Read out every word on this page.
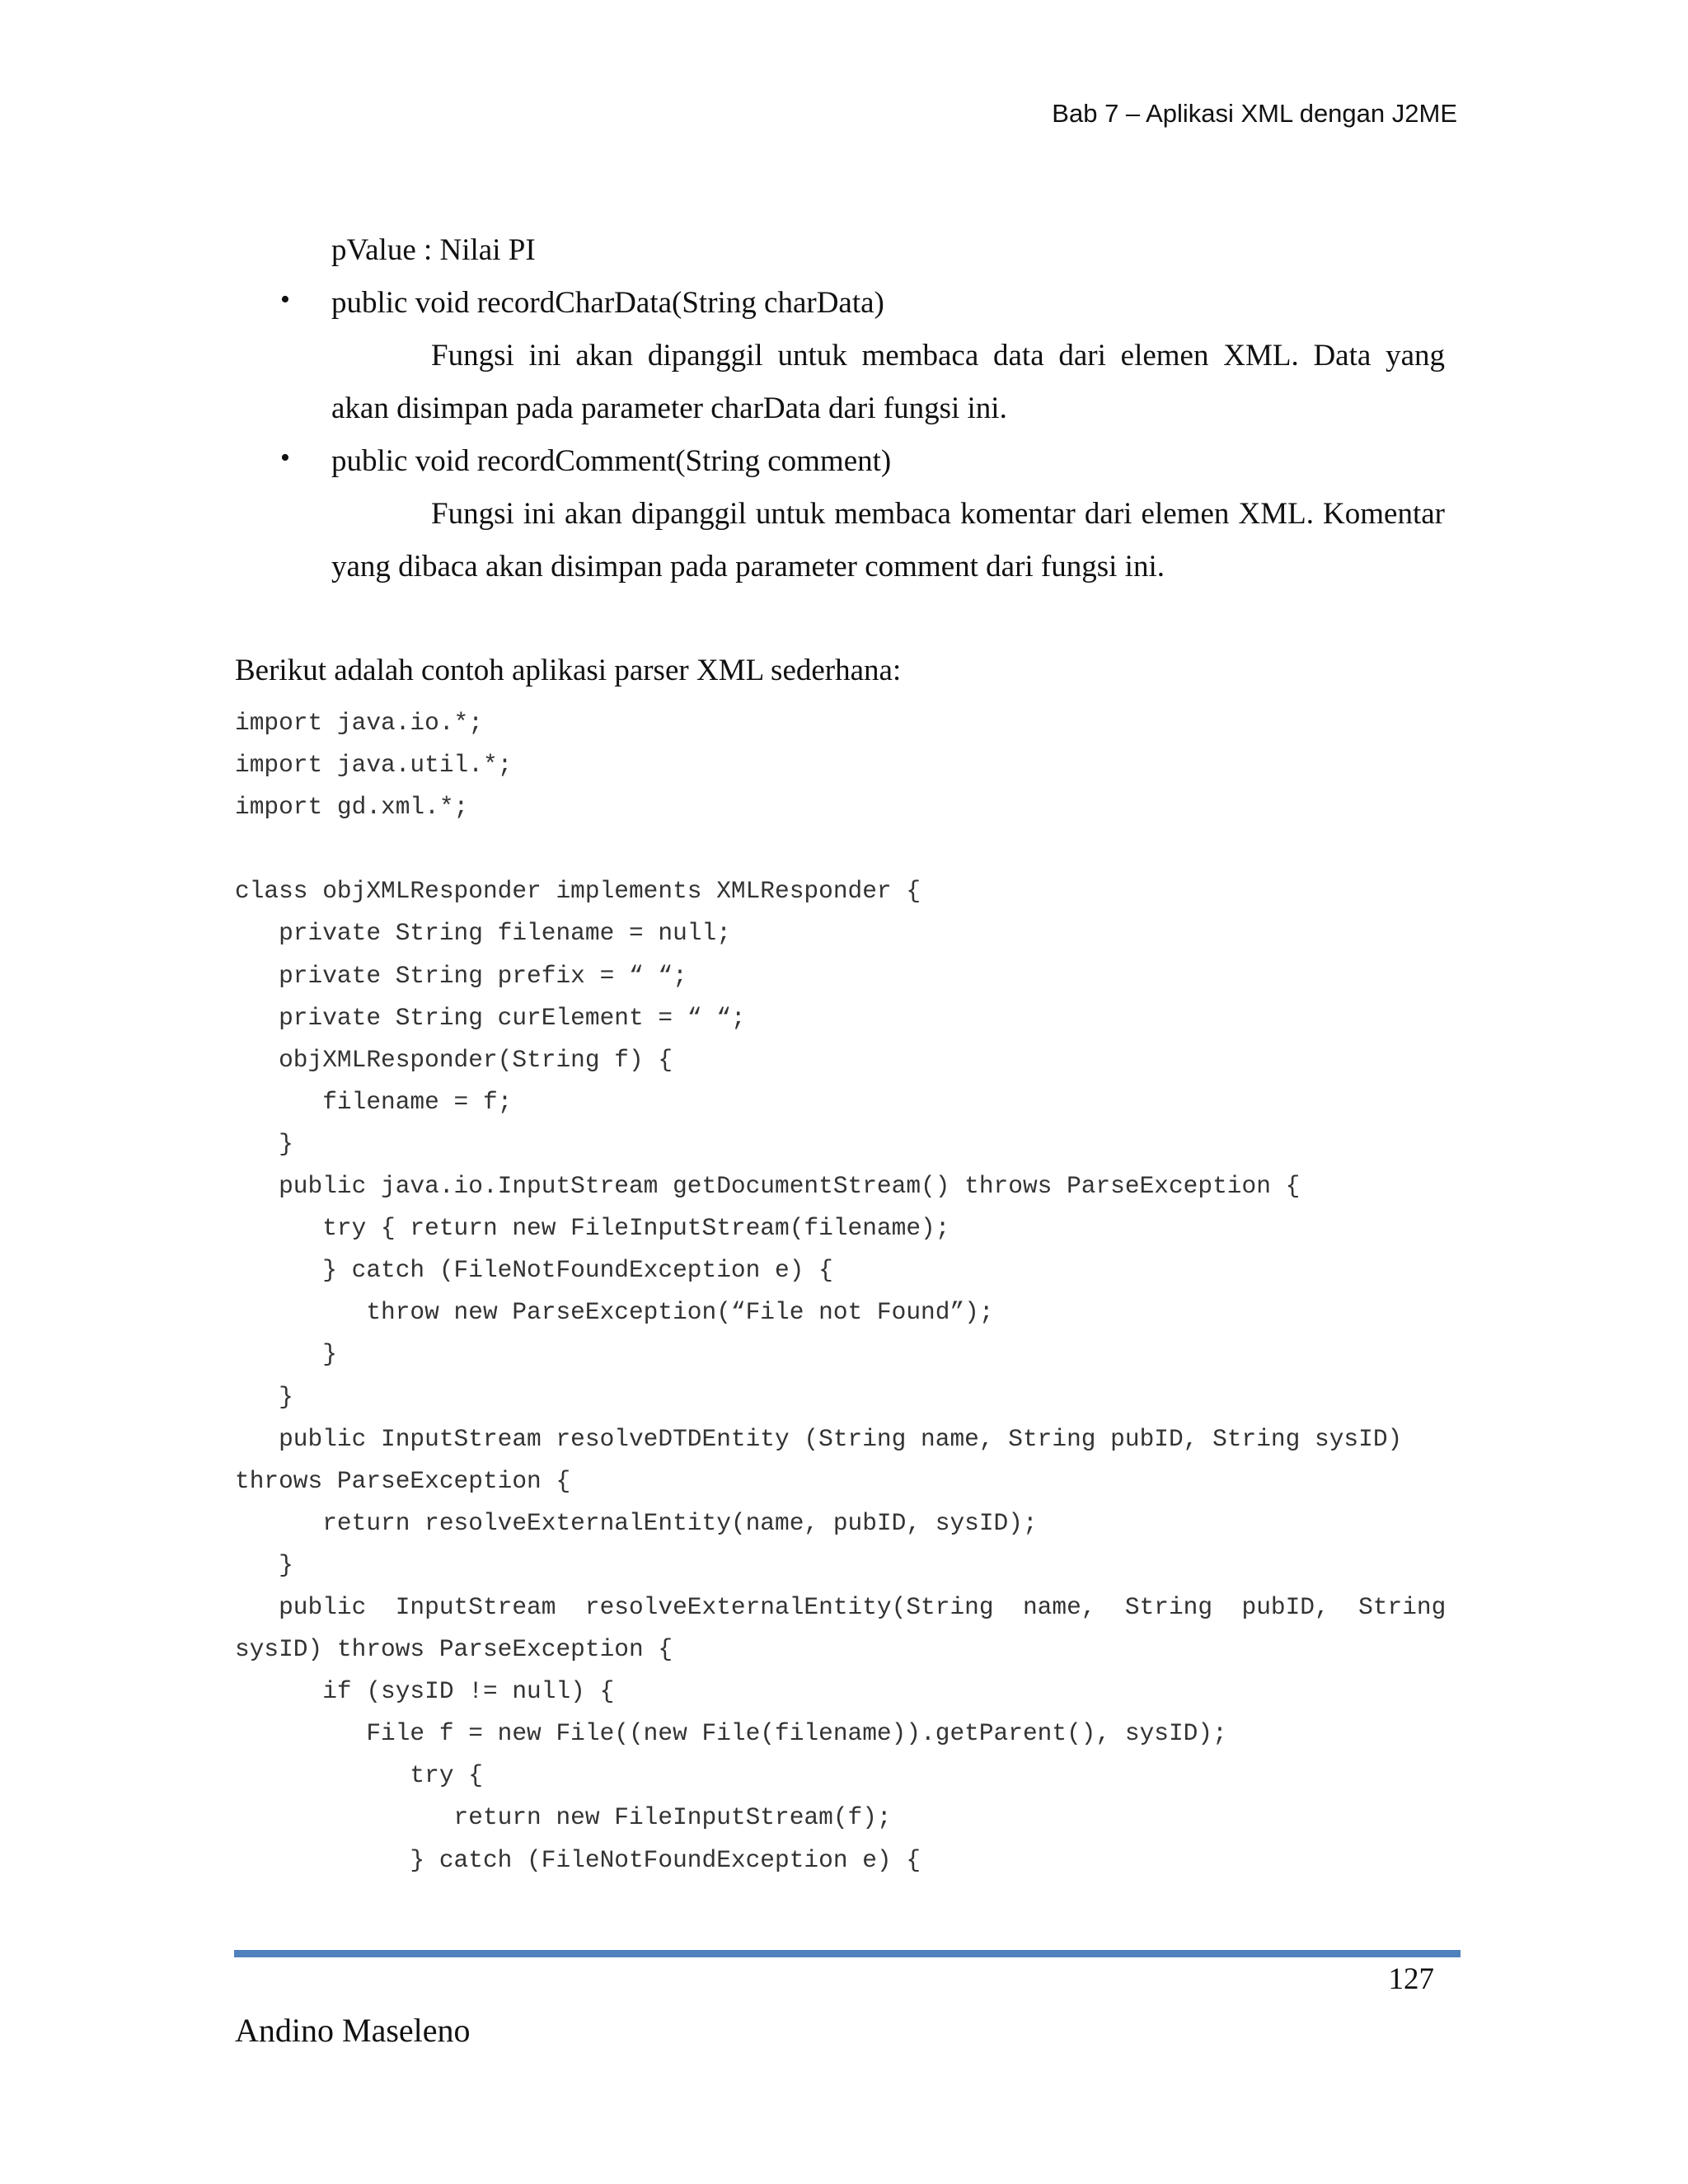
Bab 7 – Aplikasi XML dengan J2ME
pValue : Nilai PI
• public void recordCharData(String charData)
Fungsi ini akan dipanggil untuk membaca data dari elemen XML. Data yang
akan disimpan pada parameter charData dari fungsi ini.
• public void recordComment(String comment)
Fungsi ini akan dipanggil untuk membaca komentar dari elemen XML. Komentar
yang dibaca akan disimpan pada parameter comment dari fungsi ini.
Berikut adalah contoh aplikasi parser XML sederhana:
import java.io.*;
import java.util.*;
import gd.xml.*;
class objXMLResponder implements XMLResponder {
private String filename = null;
private String prefix = “ “;
private String curElement = “ “;
objXMLResponder(String f) {
filename = f;
}
public java.io.InputStream getDocumentStream() throws ParseException {
try { return new FileInputStream(filename);
} catch (FileNotFoundException e) {
throw new ParseException(“File not Found”);
}
}
public InputStream resolveDTDEntity (String name, String pubID, String sysID)
throws ParseException {
return resolveExternalEntity(name, pubID, sysID);
}
public  InputStream  resolveExternalEntity(String  name,  String  pubID,  String
sysID) throws ParseException {
if (sysID != null) {
File f = new File((new File(filename)).getParent(), sysID);
try {
return new FileInputStream(f);
} catch (FileNotFoundException e) {
127
Andino Maseleno
